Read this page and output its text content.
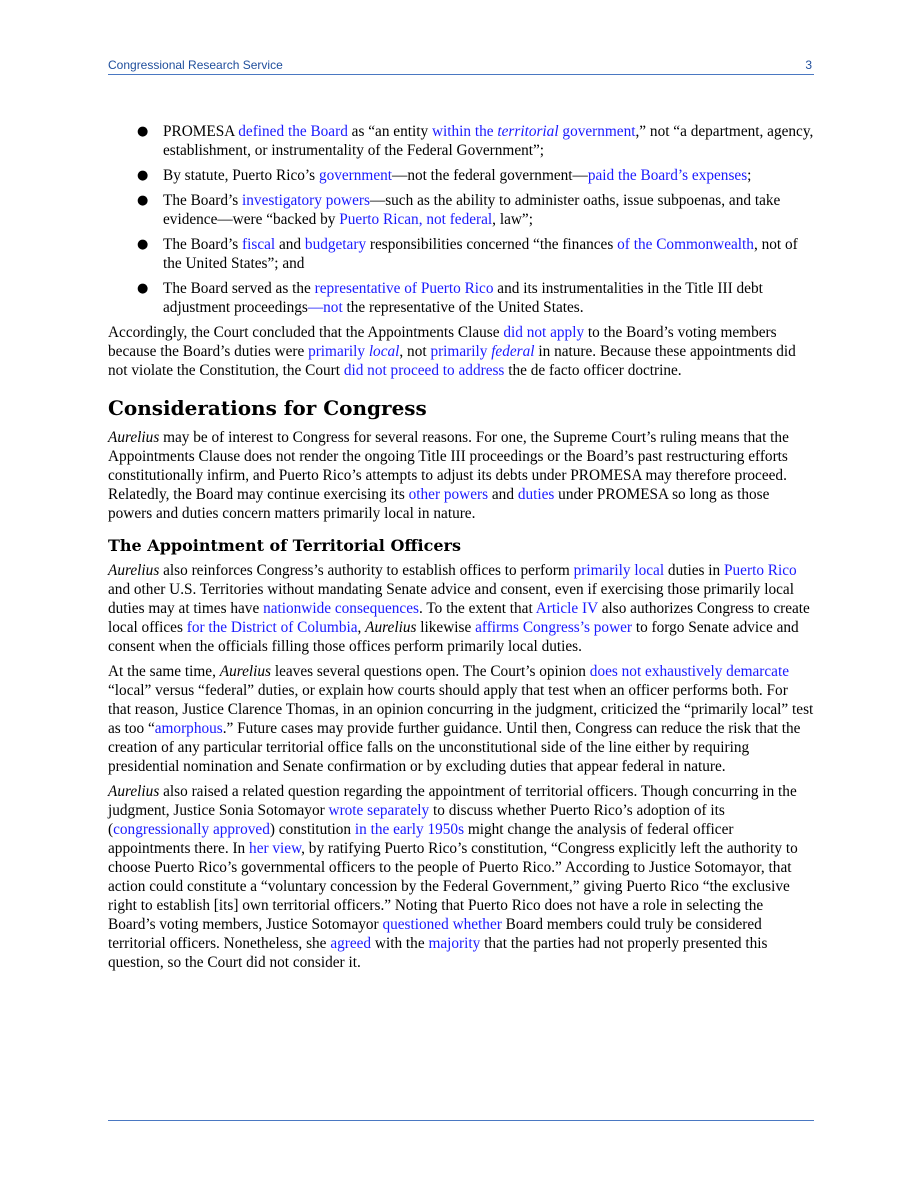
Congressional Research Service	3
● PROMESA defined the Board as “an entity within the territorial government,” not “a department, agency, establishment, or instrumentality of the Federal Government”;
● By statute, Puerto Rico’s government—not the federal government—paid the Board’s expenses;
● The Board’s investigatory powers—such as the ability to administer oaths, issue subpoenas, and take evidence—were “backed by Puerto Rican, not federal, law”;
● The Board’s fiscal and budgetary responsibilities concerned “the finances of the Commonwealth, not of the United States”; and
● The Board served as the representative of Puerto Rico and its instrumentalities in the Title III debt adjustment proceedings—not the representative of the United States.

Accordingly, the Court concluded that the Appointments Clause did not apply to the Board’s voting members because the Board’s duties were primarily local, not primarily federal in nature. Because these appointments did not violate the Constitution, the Court did not proceed to address the de facto officer doctrine.

Considerations for Congress

Aurelius may be of interest to Congress for several reasons. For one, the Supreme Court’s ruling means that the Appointments Clause does not render the ongoing Title III proceedings or the Board’s past restructuring efforts constitutionally infirm, and Puerto Rico’s attempts to adjust its debts under PROMESA may therefore proceed. Relatedly, the Board may continue exercising its other powers and duties under PROMESA so long as those powers and duties concern matters primarily local in nature.

The Appointment of Territorial Officers

Aurelius also reinforces Congress’s authority to establish offices to perform primarily local duties in Puerto Rico and other U.S. Territories without mandating Senate advice and consent, even if exercising those primarily local duties may at times have nationwide consequences. To the extent that Article IV also authorizes Congress to create local offices for the District of Columbia, Aurelius likewise affirms Congress’s power to forgo Senate advice and consent when the officials filling those offices perform primarily local duties.

At the same time, Aurelius leaves several questions open. The Court’s opinion does not exhaustively demarcate “local” versus “federal” duties, or explain how courts should apply that test when an officer performs both. For that reason, Justice Clarence Thomas, in an opinion concurring in the judgment, criticized the “primarily local” test as too “amorphous.” Future cases may provide further guidance. Until then, Congress can reduce the risk that the creation of any particular territorial office falls on the unconstitutional side of the line either by requiring presidential nomination and Senate confirmation or by excluding duties that appear federal in nature.

Aurelius also raised a related question regarding the appointment of territorial officers. Though concurring in the judgment, Justice Sonia Sotomayor wrote separately to discuss whether Puerto Rico’s adoption of its (congressionally approved) constitution in the early 1950s might change the analysis of federal officer appointments there. In her view, by ratifying Puerto Rico’s constitution, “Congress explicitly left the authority to choose Puerto Rico’s governmental officers to the people of Puerto Rico.” According to Justice Sotomayor, that action could constitute a “voluntary concession by the Federal Government,” giving Puerto Rico “the exclusive right to establish [its] own territorial officers.” Noting that Puerto Rico does not have a role in selecting the Board’s voting members, Justice Sotomayor questioned whether Board members could truly be considered territorial officers. Nonetheless, she agreed with the majority that the parties had not properly presented this question, so the Court did not consider it.
